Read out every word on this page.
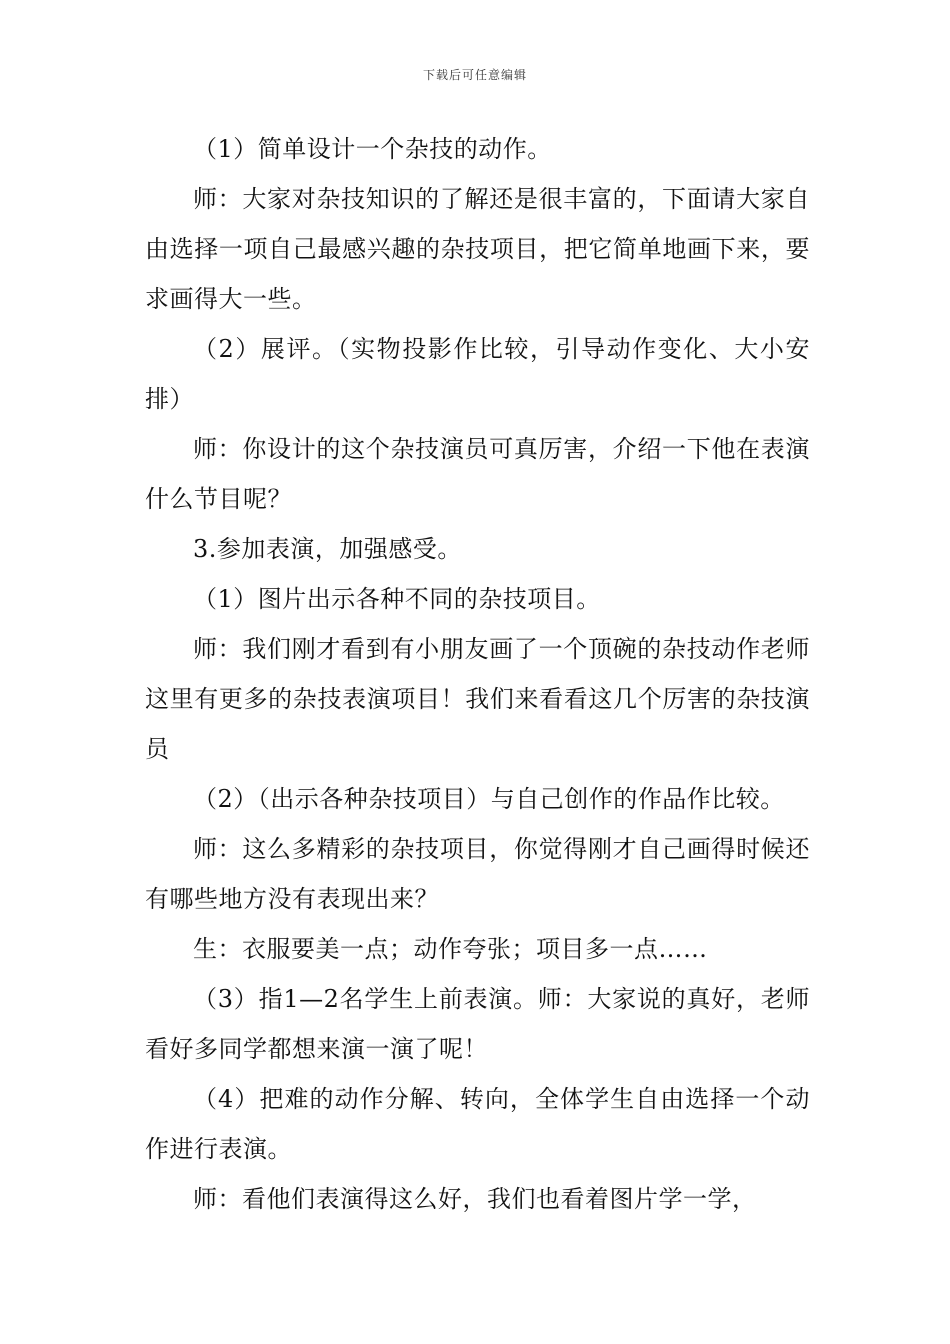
下载后可任意编辑

（1）简单设计一个杂技的动作。

师：大家对杂技知识的了解还是很丰富的，下面请大家自由选择一项自己最感兴趣的杂技项目，把它简单地画下来，要求画得大一些。

（2）展评。（实物投影作比较，引导动作变化、大小安排）

师：你设计的这个杂技演员可真厉害，介绍一下他在表演什么节目呢？

3.参加表演，加强感受。

（1）图片出示各种不同的杂技项目。

师：我们刚才看到有小朋友画了一个顶碗的杂技动作老师这里有更多的杂技表演项目！我们来看看这几个厉害的杂技演员

（2）（出示各种杂技项目）与自己创作的作品作比较。

师：这么多精彩的杂技项目，你觉得刚才自己画得时候还有哪些地方没有表现出来？

生：衣服要美一点；动作夸张；项目多一点……

（3）指1—2名学生上前表演。师：大家说的真好，老师看好多同学都想来演一演了呢！

（4）把难的动作分解、转向，全体学生自由选择一个动作进行表演。

师：看他们表演得这么好，我们也看着图片学一学，
